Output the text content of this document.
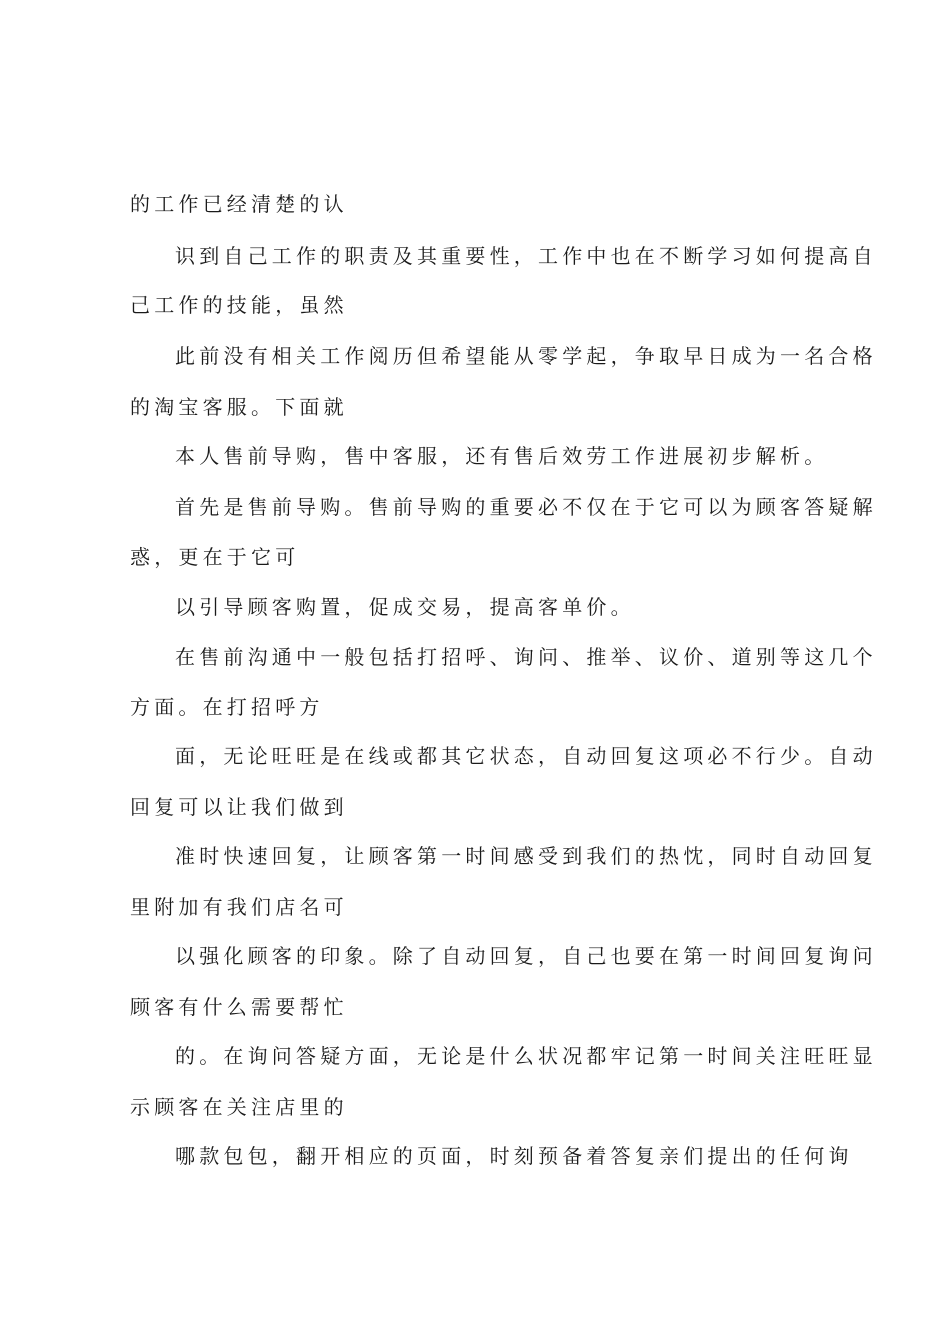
的工作已经清楚的认
识到自己工作的职责及其重要性，工作中也在不断学习如何提高自
己工作的技能，虽然
此前没有相关工作阅历但希望能从零学起，争取早日成为一名合格
的淘宝客服。下面就
本人售前导购，售中客服，还有售后效劳工作进展初步解析。
首先是售前导购。售前导购的重要必不仅在于它可以为顾客答疑解
惑，更在于它可
以引导顾客购置，促成交易，提高客单价。
在售前沟通中一般包括打招呼、询问、推举、议价、道别等这几个
方面。在打招呼方
面，无论旺旺是在线或都其它状态，自动回复这项必不行少。自动
回复可以让我们做到
准时快速回复，让顾客第一时间感受到我们的热忱，同时自动回复
里附加有我们店名可
以强化顾客的印象。除了自动回复，自己也要在第一时间回复询问
顾客有什么需要帮忙
的。在询问答疑方面，无论是什么状况都牢记第一时间关注旺旺显
示顾客在关注店里的
哪款包包，翻开相应的页面，时刻预备着答复亲们提出的任何询
